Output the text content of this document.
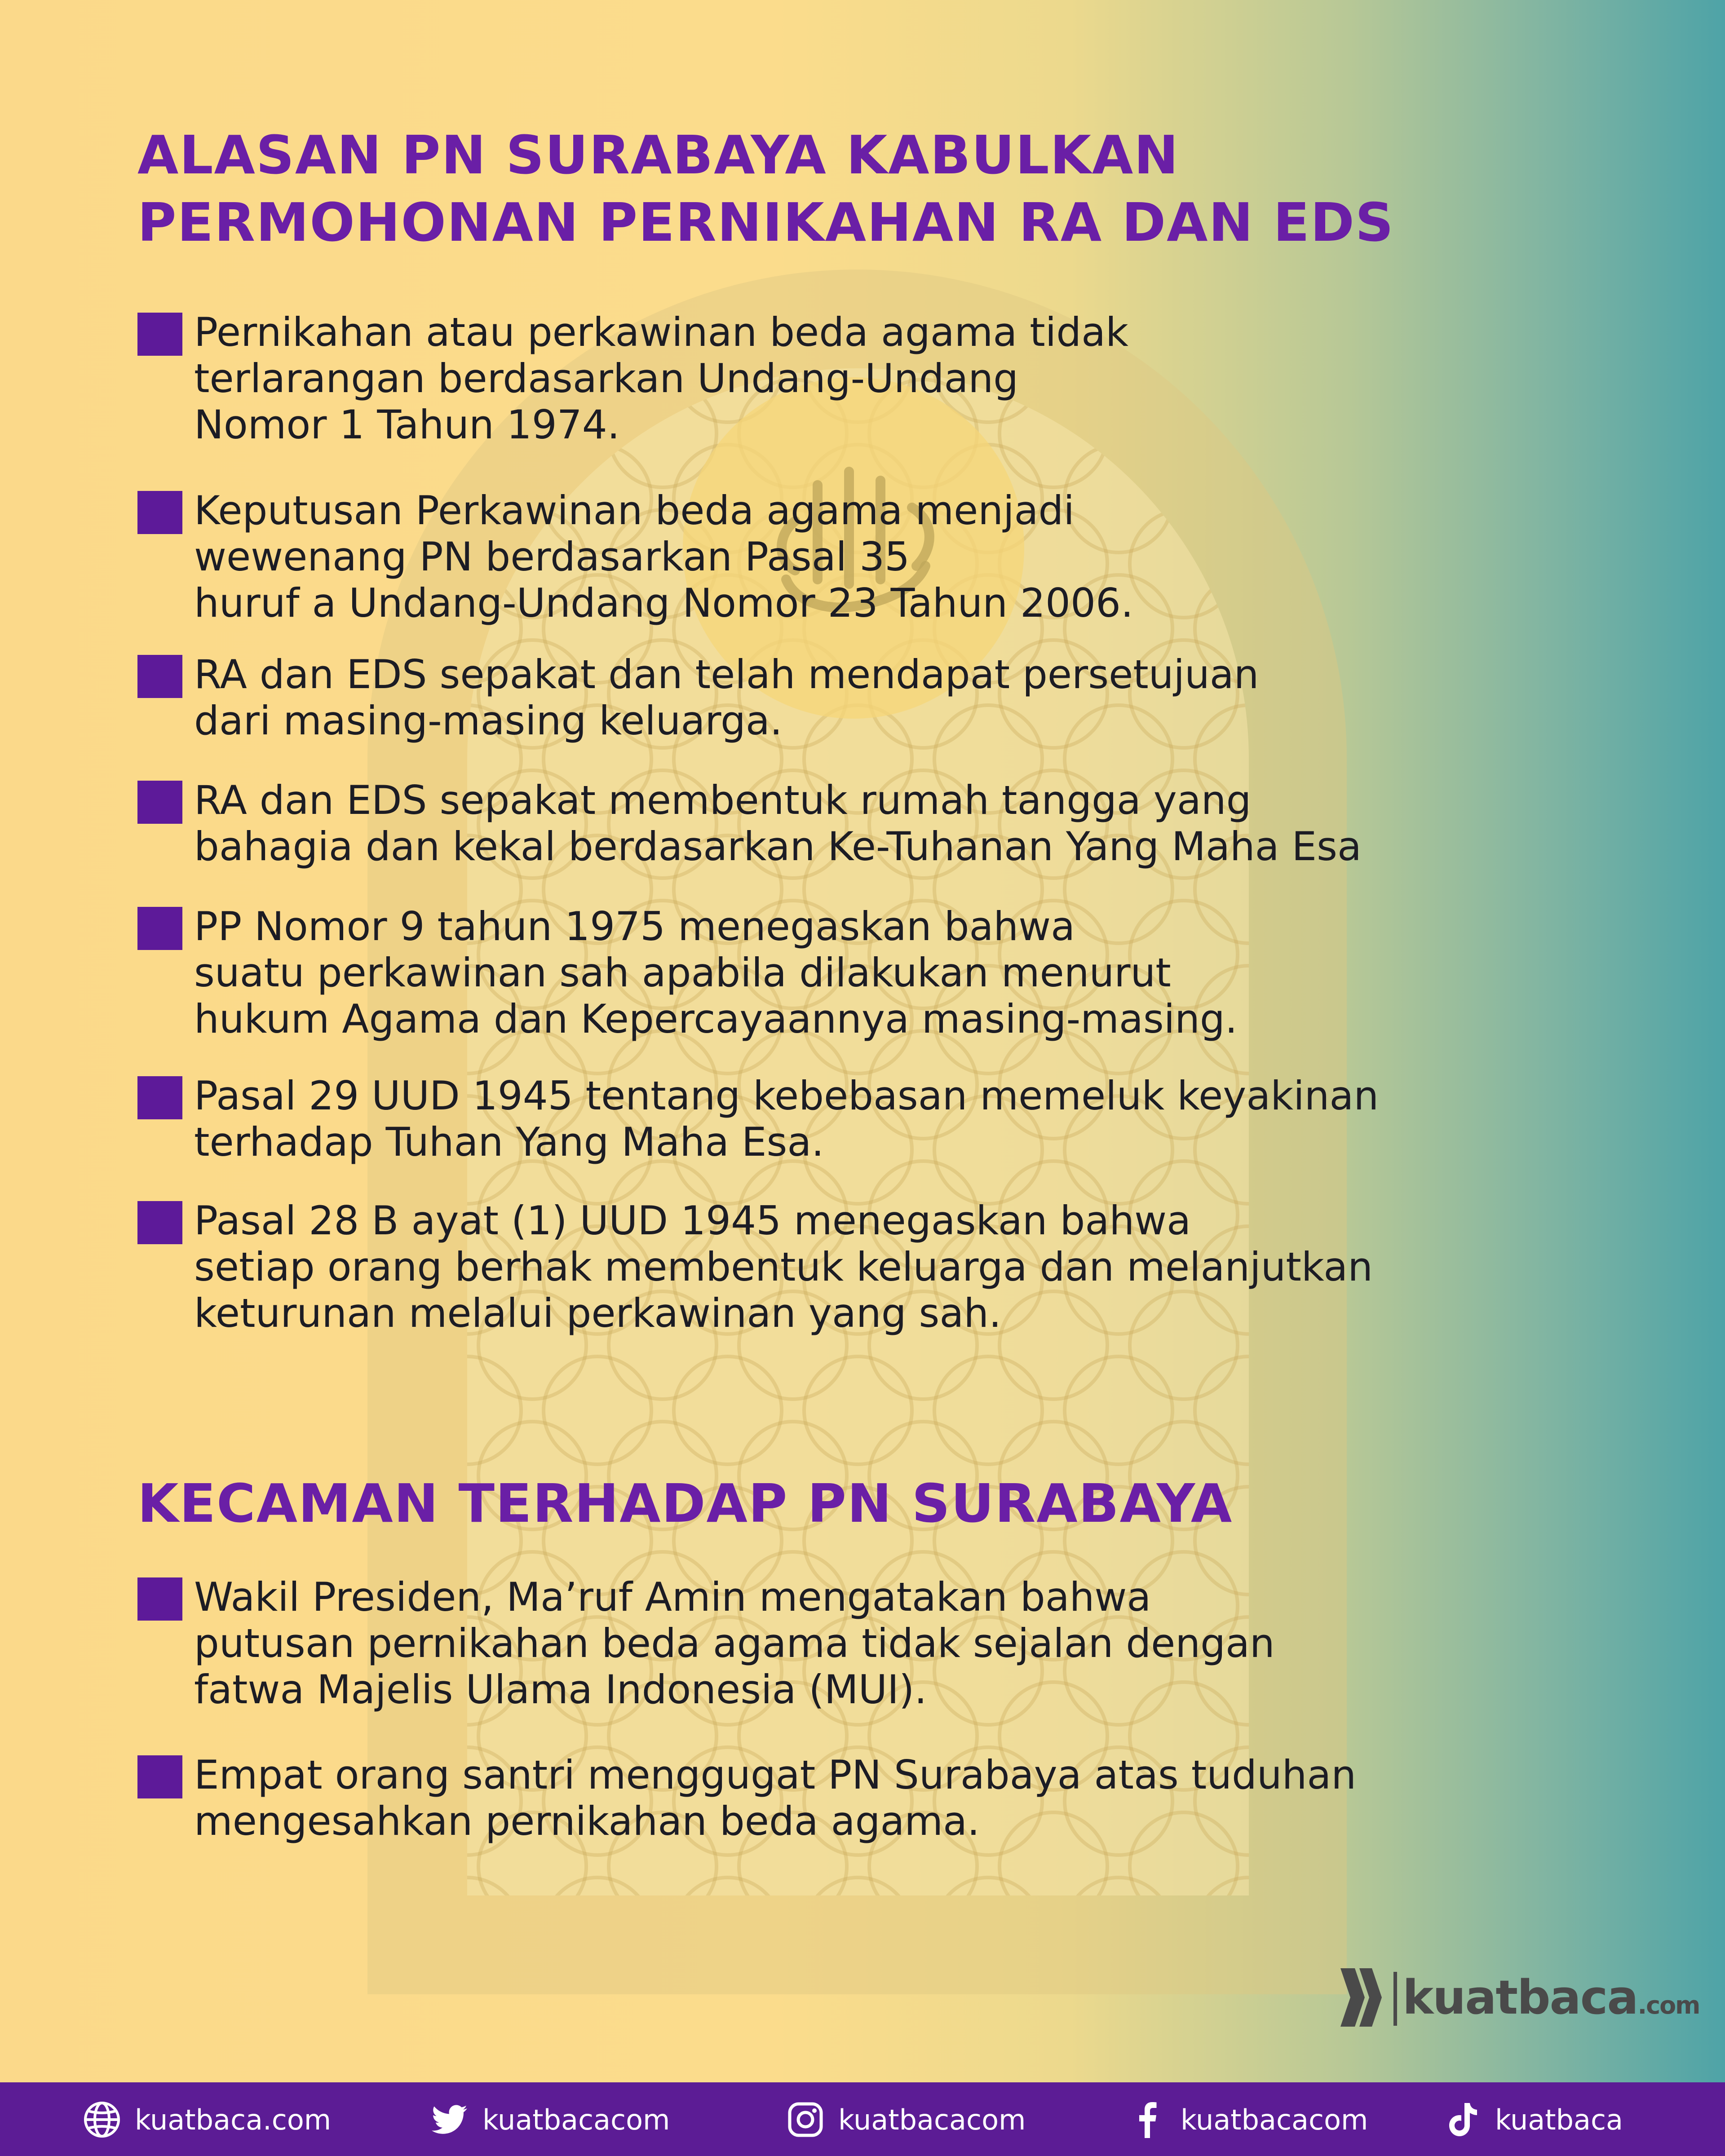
ALASAN PN SURABAYA KABULKAN
PERMOHONAN PERNIKAHAN RA DAN EDS
Pernikahan atau perkawinan beda agama tidak
terlarangan berdasarkan Undang-Undang
Nomor 1 Tahun 1974.
Keputusan Perkawinan beda agama menjadi
wewenang PN berdasarkan Pasal 35
huruf a Undang-Undang Nomor 23 Tahun 2006.
RA dan EDS sepakat dan telah mendapat persetujuan
dari masing-masing keluarga.
RA dan EDS sepakat membentuk rumah tangga yang
bahagia dan kekal berdasarkan Ke-Tuhanan Yang Maha Esa
PP Nomor 9 tahun 1975 menegaskan bahwa
suatu perkawinan sah apabila dilakukan menurut
hukum Agama dan Kepercayaannya masing-masing.
Pasal 29 UUD 1945 tentang kebebasan memeluk keyakinan
terhadap Tuhan Yang Maha Esa.
Pasal 28 B ayat (1) UUD 1945 menegaskan bahwa
setiap orang berhak membentuk keluarga dan melanjutkan
keturunan melalui perkawinan yang sah.
KECAMAN TERHADAP PN SURABAYA
Wakil Presiden, Ma’ruf Amin mengatakan bahwa
putusan pernikahan beda agama tidak sejalan dengan
fatwa Majelis Ulama Indonesia (MUI).
Empat orang santri menggugat PN Surabaya atas tuduhan
mengesahkan pernikahan beda agama.
kuatbaca.com
kuatbaca.com	kuatbacacom	kuatbacacom	kuatbacacom	kuatbaca
